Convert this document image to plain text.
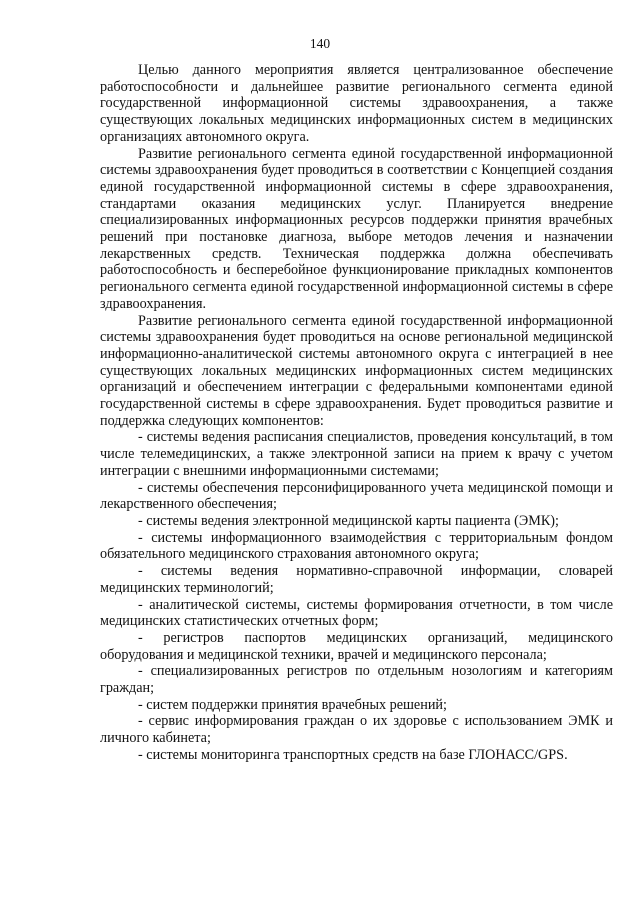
140

Целью данного мероприятия является централизованное обеспечение работоспособности и дальнейшее развитие регионального сегмента единой государственной информационной системы здравоохранения, а также существующих локальных медицинских информационных систем в медицинских организациях автономного округа.

Развитие регионального сегмента единой государственной информационной системы здравоохранения будет проводиться в соответствии с Концепцией создания единой государственной информационной системы в сфере здравоохранения, стандартами оказания медицинских услуг. Планируется внедрение специализированных информационных ресурсов поддержки принятия врачебных решений при постановке диагноза, выборе методов лечения и назначении лекарственных средств. Техническая поддержка должна обеспечивать работоспособность и бесперебойное функционирование прикладных компонентов регионального сегмента единой государственной информационной системы в сфере здравоохранения.

Развитие регионального сегмента единой государственной информационной системы здравоохранения будет проводиться на основе региональной медицинской информационно-аналитической системы автономного округа с интеграцией в нее существующих локальных медицинских информационных систем медицинских организаций и обеспечением интеграции с федеральными компонентами единой государственной системы в сфере здравоохранения. Будет проводиться развитие и поддержка следующих компонентов:

- системы ведения расписания специалистов, проведения консультаций, в том числе телемедицинских, а также электронной записи на прием к врачу с учетом интеграции с внешними информационными системами;

- системы обеспечения персонифицированного учета медицинской помощи и лекарственного обеспечения;

- системы ведения электронной медицинской карты пациента (ЭМК);

- системы информационного взаимодействия с территориальным фондом обязательного медицинского страхования автономного округа;

- системы ведения нормативно-справочной информации, словарей медицинских терминологий;

- аналитической системы, системы формирования отчетности, в том числе медицинских статистических отчетных форм;

- регистров паспортов медицинских организаций, медицинского оборудования и медицинской техники, врачей и медицинского персонала;

- специализированных регистров по отдельным нозологиям и категориям граждан;

- систем поддержки принятия врачебных решений;

- сервис информирования граждан о их здоровье с использованием ЭМК и личного кабинета;

- системы мониторинга транспортных средств на базе ГЛОНАСС/GPS.
